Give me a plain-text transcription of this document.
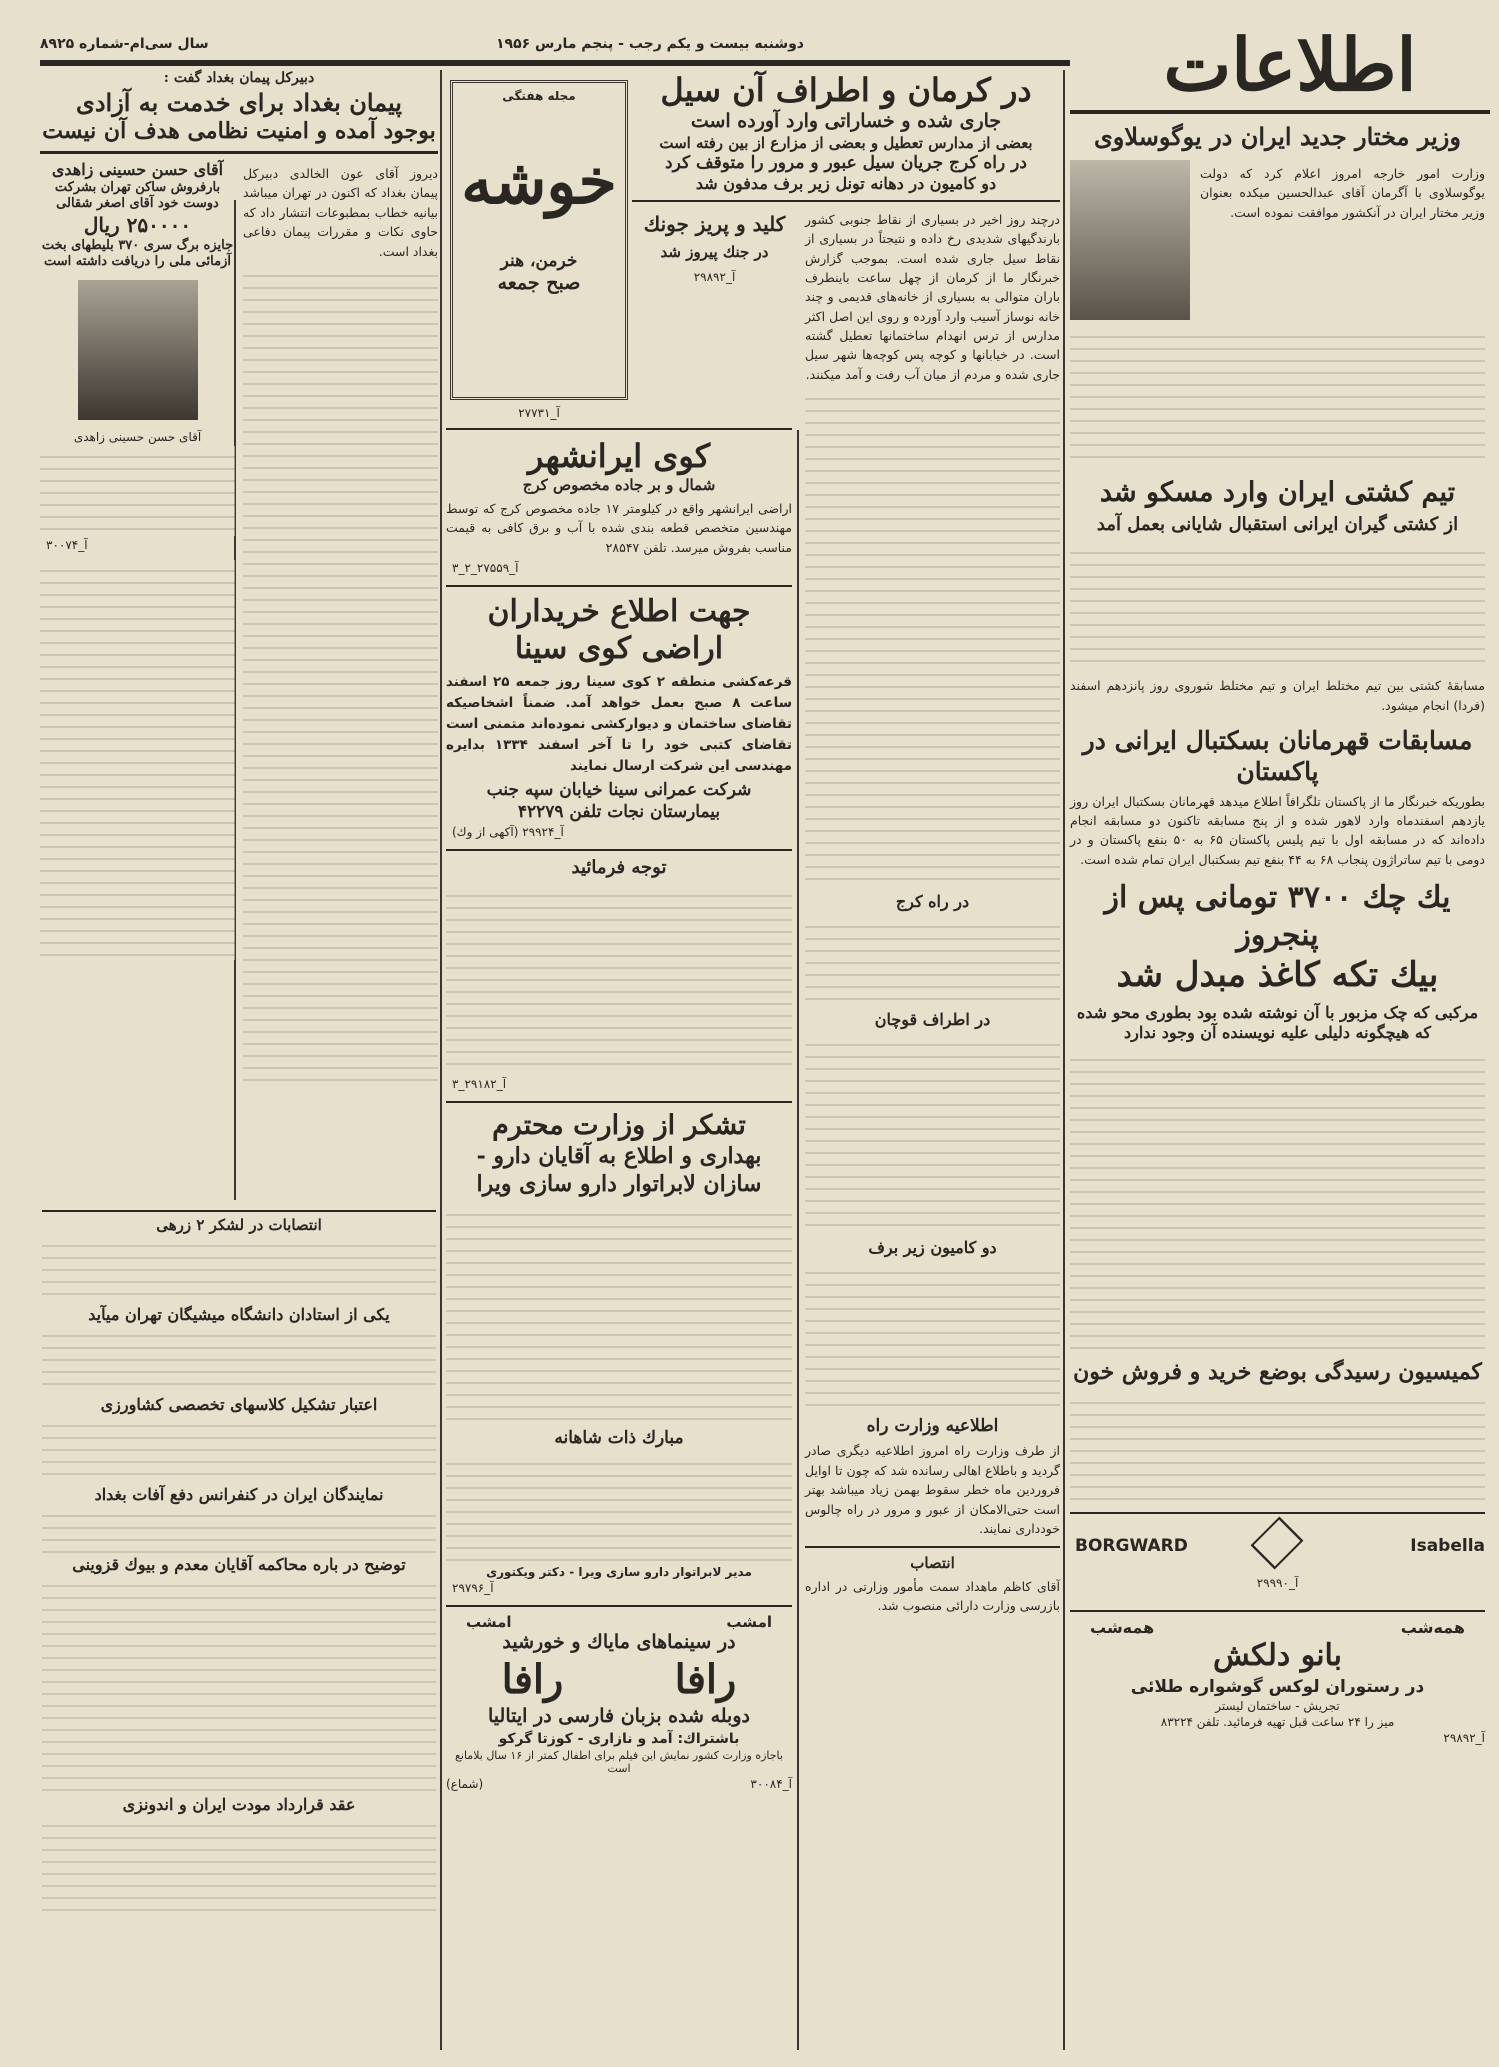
سال سی‌ام-شماره ۸۹۲۵	دوشنبه بیست و یکم رجب - پنجم مارس ۱۹۵۶	اطلاعات
وزیر مختار جدید ایران در یوگوسلاوی

وزارت امور خارجه امروز اعلام کرد که دولت یوگوسلاوی با آگرمان آقای عبدالحسین میکده بعنوان وزیر مختار ایران در آنکشور موافقت نموده است.

تیم کشتی ایران وارد مسکو شد
از کشتی گیران ایرانی استقبال شایانی بعمل آمد

مسابقهٔ کشتی بین تیم مختلط ایران و تیم مختلط شوروی روز پانزدهم اسفند (فردا) انجام میشود.

مسابقات قهرمانان بسکتبال ایرانی در پاکستان

بطوریکه خبرنگار ما از پاکستان تلگرافاً اطلاع میدهد قهرمانان بسکتبال ایران روز یازدهم اسفندماه وارد لاهور شده و از پنج مسابقه تاکنون دو مسابقه انجام داده‌اند که در مسابقه اول با تیم پلیس پاکستان ۶۵ به ۵۰ بنفع پاکستان و در دومی با تیم ساتراژون پنجاب ۶۸ به ۴۴ بنفع تیم بسکتبال ایران تمام شده است.

یك چك ۳۷۰۰ تومانی پس از پنجروز
بیك تكه كاغذ مبدل شد
مرکبی که چک مزبور با آن نوشته شده بود بطوری محو شده که هیچگونه دلیلی علیه نویسنده آن وجود ندارد
کمیسیون رسیدگی بوضع خرید و فروش خون
Isabella
BORGWARD

آ_۲۹۹۹۰

همه‌شب
همه‌شب
بانو دلکش

در رستوران لوکس گوشواره طلائی

تجریش - ساختمان لیستر

میز را ۲۴ ساعت قبل تهیه فرمائید. تلفن ۸۳۲۲۴

آ_۲۹۸۹۲

در کرمان و اطراف آن سیل

جاری شده و خساراتی وارد آورده است

بعضی از مدارس تعطیل و بعضی از مزارع از بین رفته است

در راه کرج جریان سیل عبور و مرور را متوقف کرد

دو کامیون در دهانه تونل زیر برف مدفون شد

درچند روز اخیر در بسیاری از نقاط جنوبی کشور بارندگیهای شدیدی رخ داده و نتیجتاً در بسیاری از نقاط سیل جاری شده است. بموجب گزارش خبرنگار ما از کرمان از چهل ساعت باینطرف باران متوالی به بسیاری از خانه‌های قدیمی و چند خانه نوساز آسیب وارد آورده و روی این اصل اکثر مدارس از ترس انهدام ساختمانها تعطیل گشته است. در خیابانها و کوچه پس کوچه‌ها شهر سیل جاری شده و مردم از میان آب رفت و آمد میکنند.

در راه کرج

در اطراف قوچان

دو کامیون زیر برف

اطلاعیه وزارت راه

از طرف وزارت راه امروز اطلاعیه دیگری صادر گردید و باطلاع اهالی رسانده شد که چون تا اوایل فروردین ماه خطر سقوط بهمن زیاد میباشد بهتر است حتی‌الامکان از عبور و مرور در راه چالوس خودداری نمایند.

انتصاب

آقای کاظم ماهداد سمت مأمور وزارتی در اداره بازرسی وزارت دارائی منصوب شد.

کلید و پریز جونك

در جنك پیروز شد

آ_۲۹۸۹۲

مجله هفتگی

خوشه

خرمن، هنر

صبح جمعه

آ_۲۷۷۳۱

کوی ایرانشهر

شمال و بر جاده مخصوص کرج

اراضی ایرانشهر واقع در کیلومتر ۱۷ جاده مخصوص کرج که توسط مهندسین متخصص قطعه بندی شده با آب و برق کافی به قیمت مناسب بفروش میرسد. تلفن ۲۸۵۴۷

آ_۲۷۵۵۹_۲_۳

جهت اطلاع خریداران

اراضی کوی سینا

قرعه‌کشی منطقه ۲ کوی سینا روز جمعه ۲۵ اسفند ساعت ۸ صبح بعمل خواهد آمد. ضمناً اشخاصیکه تقاضای ساختمان و دیوارکشی نموده‌اند متمنی است تقاضای کتبی خود را تا آخر اسفند ۱۳۳۴ بدایره مهندسی این شرکت ارسال نمایند

شرکت عمرانی سینا خیابان سپه جنب

بیمارستان نجات تلفن ۴۲۲۷۹

آ_۲۹۹۲۴ (آکهی از وك)

توجه فرمائید

آ_۲۹۱۸۲_۳

تشکر از وزارت محترم

بهداری و اطلاع به آقایان دارو -

سازان لابراتوار دارو سازی ویرا

مبارك ذات شاهانه

مدیر لابراتوار دارو سازی ویرا - دکتر ویکتوری

آ_۲۹۷۹۶

امشب
امشب

در سینماهای مایاك و خورشید

رافا
رافا

دوبله شده بزبان فارسی در ایتالیا

باشتراك: آمد و نازاری - کوزتا گرکو

باجازه وزارت کشور نمایش این فیلم برای اطفال کمتر از ۱۶ سال بلامانع است

آ_۳۰۰۸۴
(شماع)

دبیرکل پیمان بغداد گفت :

پیمان بغداد برای خدمت به آزادی
بوجود آمده و امنیت نظامی هدف آن نیست

دیروز آقای عون الخالدی دبیرکل پیمان بغداد که اکنون در تهران میباشد بیانیه خطاب بمطبوعات انتشار داد که حاوی نکات و مقررات پیمان دفاعی بغداد است.

آقای حسن حسینی زاهدی

بارفروش ساکن تهران بشرکت دوست خود آقای اصغر شقالی

۲۵۰۰۰۰ ریال

جایزه برگ سری ۳۷۰ بلیطهای بخت آزمائی ملی را دریافت داشته است

آقای حسن حسینی زاهدی

آ_۳۰۰۷۴

انتصابات در لشکر ۲ زرهی

یکی از استادان دانشگاه میشیگان تهران میآید

اعتبار تشکیل کلاسهای تخصصی کشاورزی

نمایندگان ایران در کنفرانس دفع آفات بغداد

توضیح در باره محاکمه آقایان معدم و بیوك قزوینی

عقد قرارداد مودت ایران و اندونزی
